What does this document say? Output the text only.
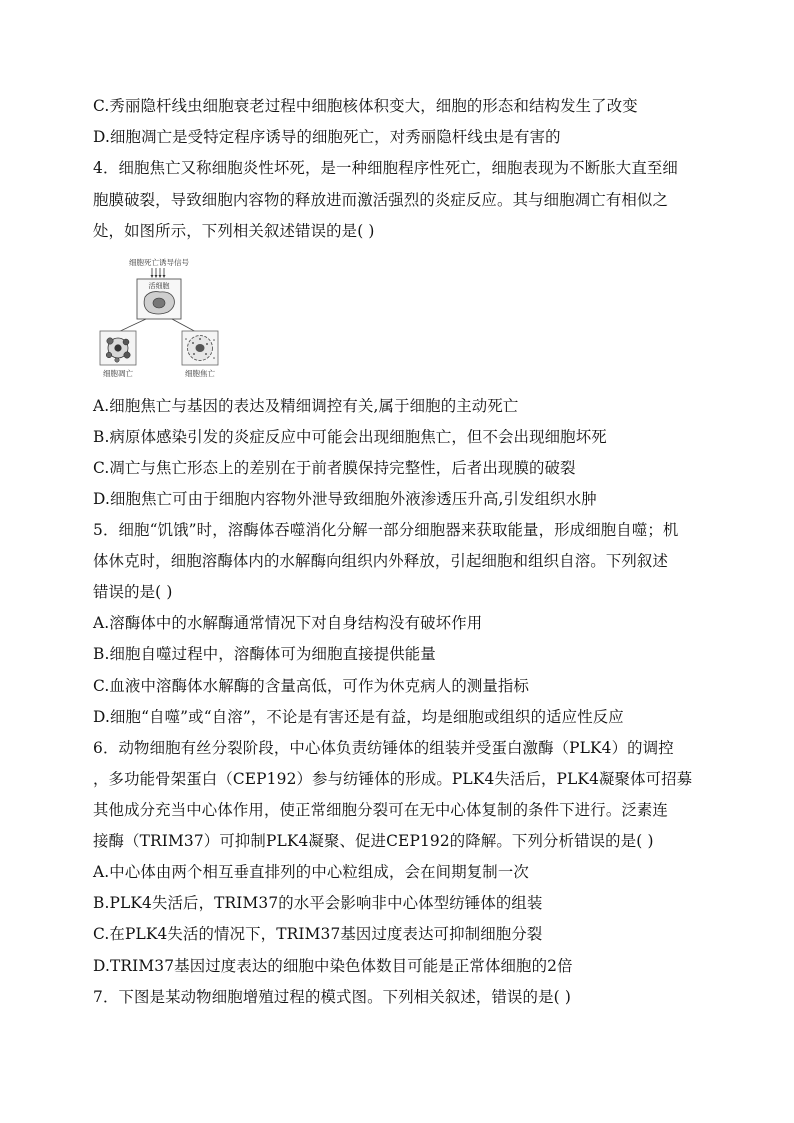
C.秀丽隐杆线虫细胞衰老过程中细胞核体积变大，细胞的形态和结构发生了改变
D.细胞凋亡是受特定程序诱导的细胞死亡，对秀丽隐杆线虫是有害的
4．细胞焦亡又称细胞炎性坏死，是一种细胞程序性死亡，细胞表现为不断胀大直至细
胞膜破裂，导致细胞内容物的释放进而激活强烈的炎症反应。其与细胞凋亡有相似之
处，如图所示，下列相关叙述错误的是( )
细胞死亡诱导信号
活细胞
细胞凋亡	细胞焦亡
A.细胞焦亡与基因的表达及精细调控有关,属于细胞的主动死亡
B.病原体感染引发的炎症反应中可能会出现细胞焦亡，但不会出现细胞坏死
C.凋亡与焦亡形态上的差别在于前者膜保持完整性，后者出现膜的破裂
D.细胞焦亡可由于细胞内容物外泄导致细胞外液渗透压升高,引发组织水肿
5．细胞“饥饿”时，溶酶体吞噬消化分解一部分细胞器来获取能量，形成细胞自噬；机
体休克时，细胞溶酶体内的水解酶向组织内外释放，引起细胞和组织自溶。下列叙述
错误的是( )
A.溶酶体中的水解酶通常情况下对自身结构没有破坏作用
B.细胞自噬过程中，溶酶体可为细胞直接提供能量
C.血液中溶酶体水解酶的含量高低，可作为休克病人的测量指标
D.细胞“自噬”或“自溶”，不论是有害还是有益，均是细胞或组织的适应性反应
6．动物细胞有丝分裂阶段，中心体负责纺锤体的组装并受蛋白激酶（PLK4）的调控
，多功能骨架蛋白（CEP192）参与纺锤体的形成。PLK4失活后，PLK4凝聚体可招募
其他成分充当中心体作用，使正常细胞分裂可在无中心体复制的条件下进行。泛素连
接酶（TRIM37）可抑制PLK4凝聚、促进CEP192的降解。下列分析错误的是( )
A.中心体由两个相互垂直排列的中心粒组成，会在间期复制一次
B.PLK4失活后，TRIM37的水平会影响非中心体型纺锤体的组装
C.在PLK4失活的情况下，TRIM37基因过度表达可抑制细胞分裂
D.TRIM37基因过度表达的细胞中染色体数目可能是正常体细胞的2倍
7．下图是某动物细胞增殖过程的模式图。下列相关叙述，错误的是( )
